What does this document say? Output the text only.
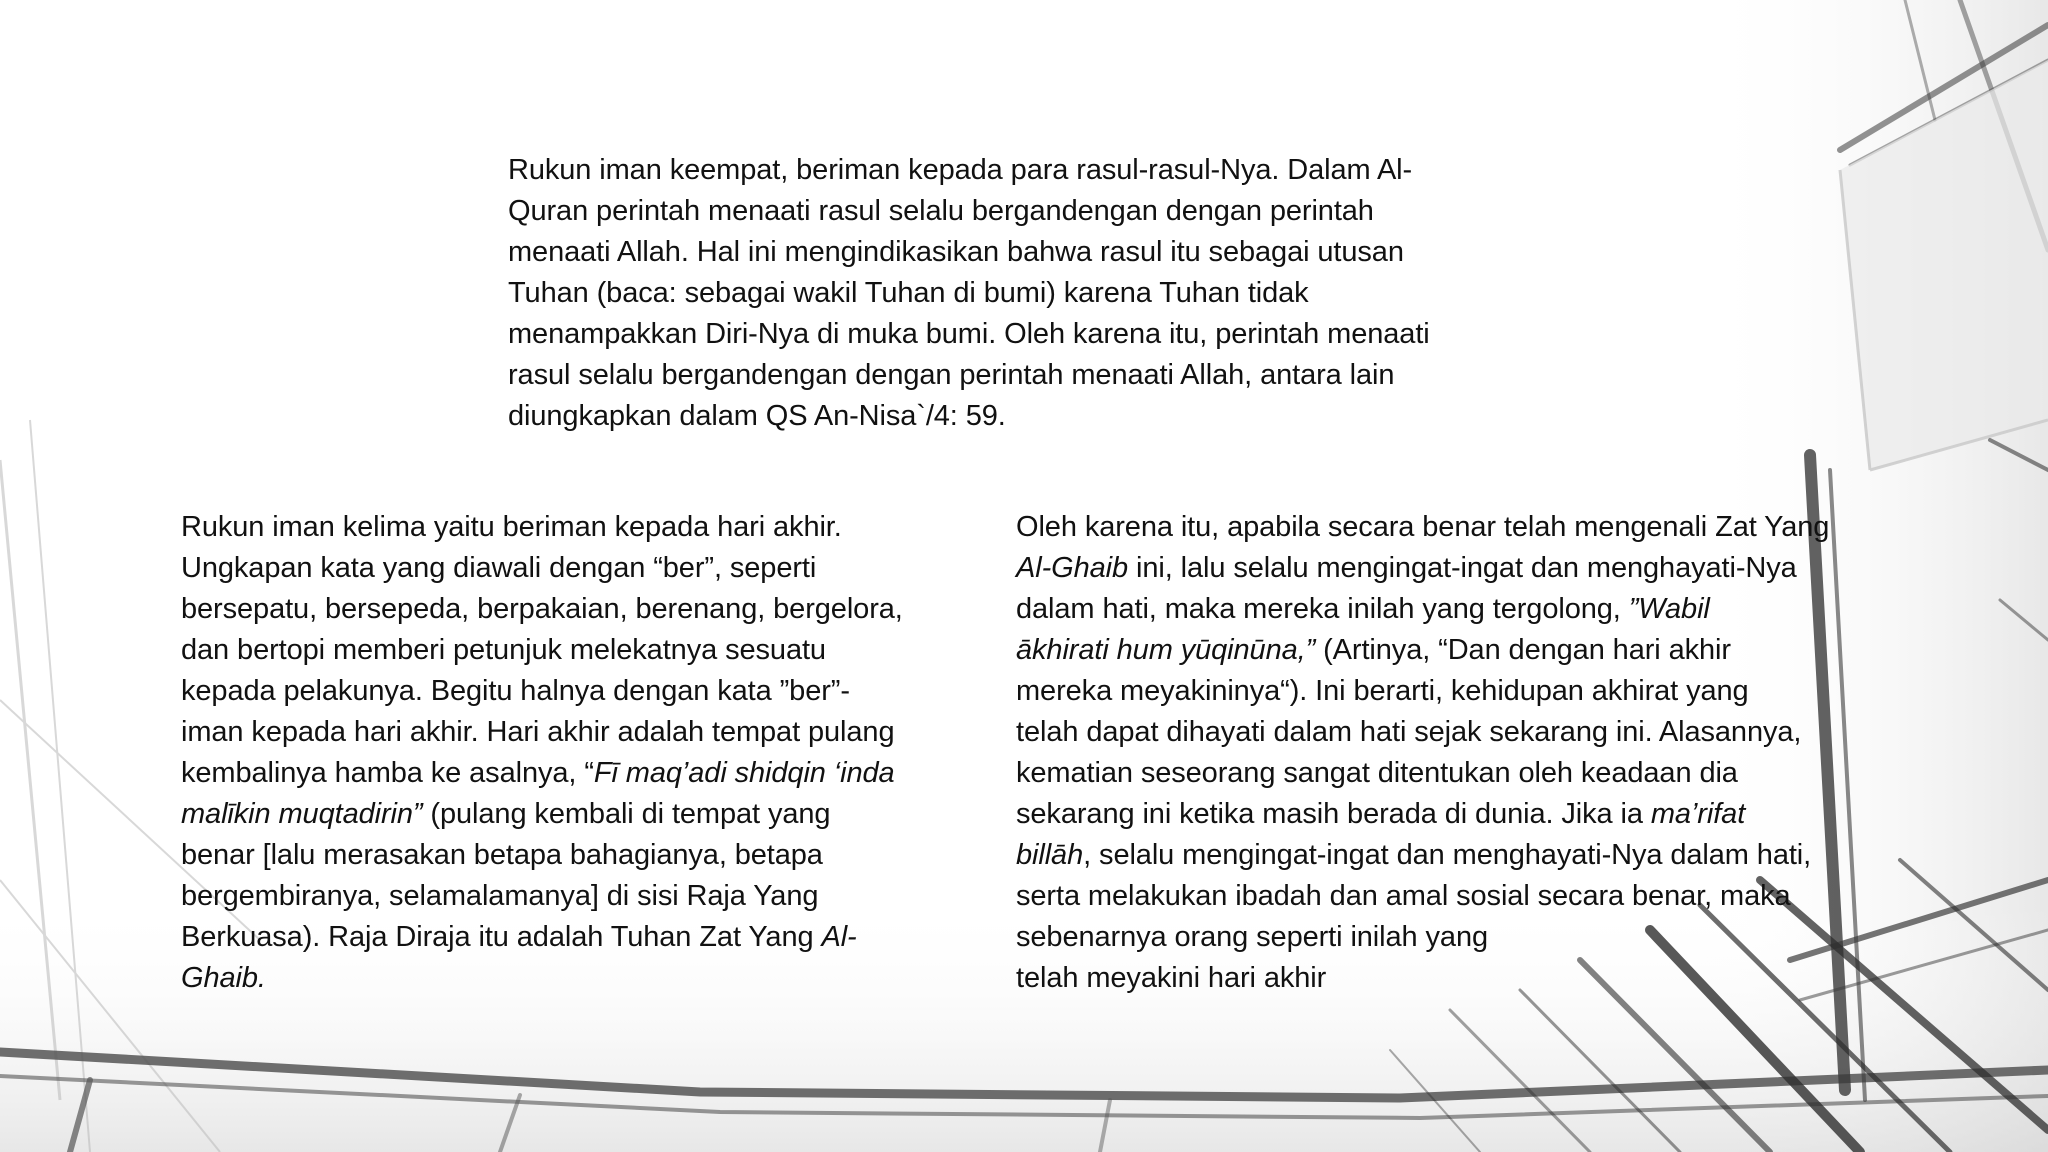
Rukun iman keempat, beriman kepada para rasul-rasul-Nya. Dalam Al-
Quran perintah menaati rasul selalu bergandengan dengan perintah
menaati Allah. Hal ini mengindikasikan bahwa rasul itu sebagai utusan
Tuhan (baca: sebagai wakil Tuhan di bumi) karena Tuhan tidak
menampakkan Diri-Nya di muka bumi. Oleh karena itu, perintah menaati
rasul selalu bergandengan dengan perintah menaati Allah, antara lain
diungkapkan dalam QS An-Nisa`/4: 59.
Rukun iman kelima yaitu beriman kepada hari akhir.
Ungkapan kata yang diawali dengan “ber”, seperti
bersepatu, bersepeda, berpakaian, berenang, bergelora,
dan bertopi memberi petunjuk melekatnya sesuatu
kepada pelakunya. Begitu halnya dengan kata ”ber”-
iman kepada hari akhir. Hari akhir adalah tempat pulang
kembalinya hamba ke asalnya, “Fī maq’adi shidqin ‘inda
malīkin muqtadirin” (pulang kembali di tempat yang
benar [lalu merasakan betapa bahagianya, betapa
bergembiranya, selamalamanya] di sisi Raja Yang
Berkuasa). Raja Diraja itu adalah Tuhan Zat Yang Al-
Ghaib.
Oleh karena itu, apabila secara benar telah mengenali Zat Yang
Al-Ghaib ini, lalu selalu mengingat-ingat dan menghayati-Nya
dalam hati, maka mereka inilah yang tergolong, ”Wabil
ākhirati hum yūqinūna,” (Artinya, “Dan dengan hari akhir
mereka meyakininya“). Ini berarti, kehidupan akhirat yang
telah dapat dihayati dalam hati sejak sekarang ini. Alasannya,
kematian seseorang sangat ditentukan oleh keadaan dia
sekarang ini ketika masih berada di dunia. Jika ia ma’rifat
billāh, selalu mengingat-ingat dan menghayati-Nya dalam hati,
serta melakukan ibadah dan amal sosial secara benar, maka
sebenarnya orang seperti inilah yang
telah meyakini hari akhir
